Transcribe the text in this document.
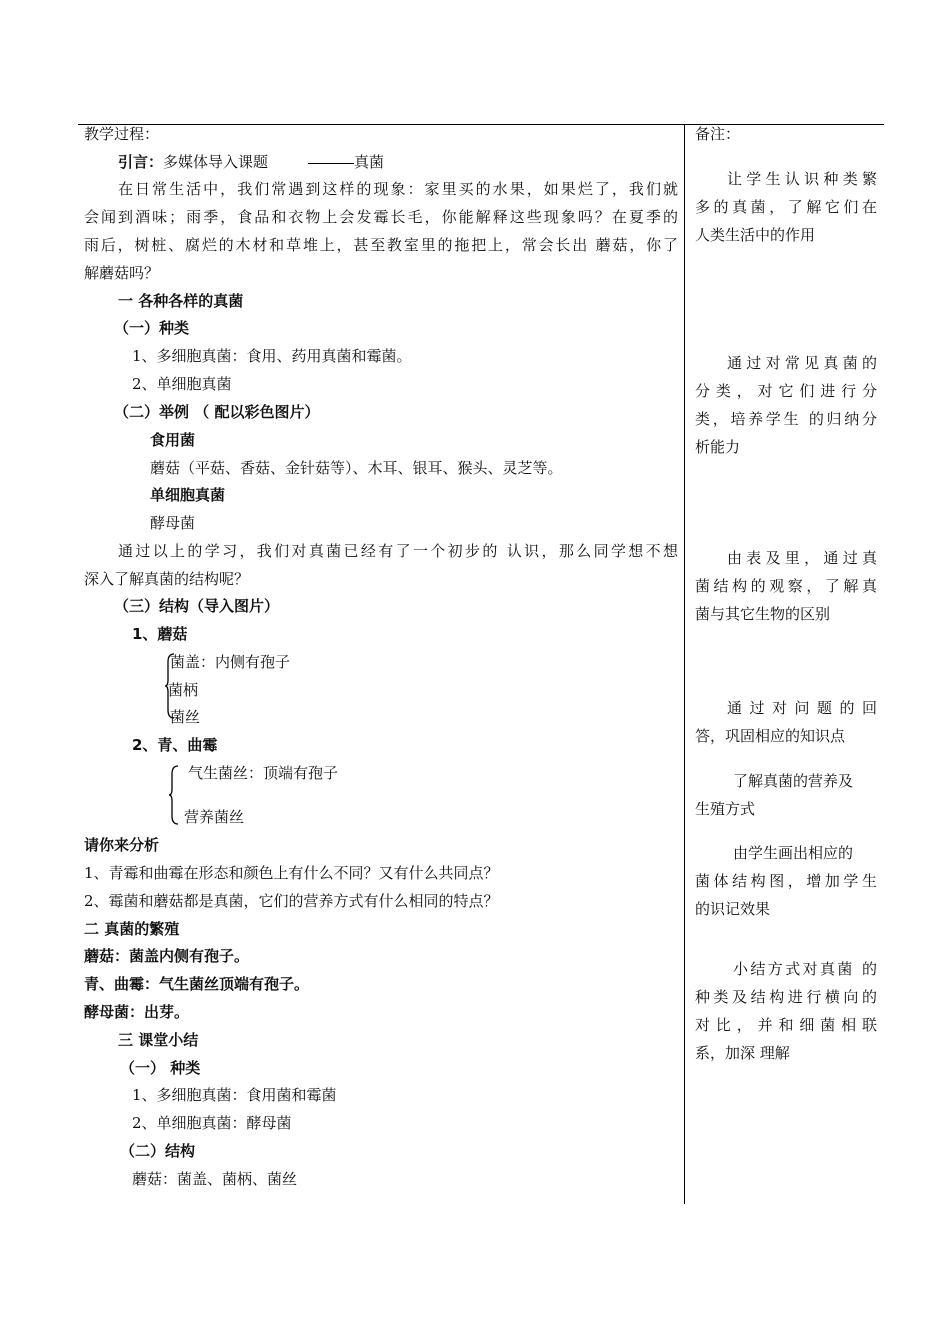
教学过程：
引言：多媒体导入课题	真菌
在日常生活中，我们常遇到这样的现象：家里买的水果，如果烂了，我们就
会闻到酒味；雨季，食品和衣物上会发霉长毛，你能解释这些现象吗？在夏季的
雨后，树桩、腐烂的木材和草堆上，甚至教室里的拖把上，常会长出 蘑菇，你了
解蘑菇吗？
一 各种各样的真菌
（一）种类
1、多细胞真菌：食用、药用真菌和霉菌。
2、单细胞真菌
（二）举例 （ 配以彩色图片）
食用菌
蘑菇（平菇、香菇、金针菇等）、木耳、银耳、猴头、灵芝等。
单细胞真菌
酵母菌
通过以上的学习，我们对真菌已经有了一个初步的 认识，那么同学想不想
深入了解真菌的结构呢？
（三）结构（导入图片）
1、蘑菇
菌盖：内侧有孢子
菌柄
菌丝
2、青、曲霉
气生菌丝：顶端有孢子
营养菌丝
请你来分析
1、青霉和曲霉在形态和颜色上有什么不同？又有什么共同点？
2、霉菌和蘑菇都是真菌，它们的营养方式有什么相同的特点？
二 真菌的繁殖
蘑菇：菌盖内侧有孢子。
青、曲霉：气生菌丝顶端有孢子。
酵母菌：出芽。
三 课堂小结
（一） 种类
1、多细胞真菌：食用菌和霉菌
2、单细胞真菌：酵母菌
（二）结构
蘑菇：菌盖、菌柄、菌丝
备注：
让学生认识种类繁
多的真菌，了解它们在
人类生活中的作用
通过对常见真菌的
分类，对它们进行分
类，培养学生 的归纳分
析能力
由表及里，通过真
菌结构的观察，了解真
菌与其它生物的区别
通过对问题的回
答，巩固相应的知识点
了解真菌的营养及
生殖方式
由学生画出相应的
菌体结构图，增加学生
的识记效果
小结方式对真菌 的
种类及结构进行横向的
对比，并和细菌相联
系，加深 理解
